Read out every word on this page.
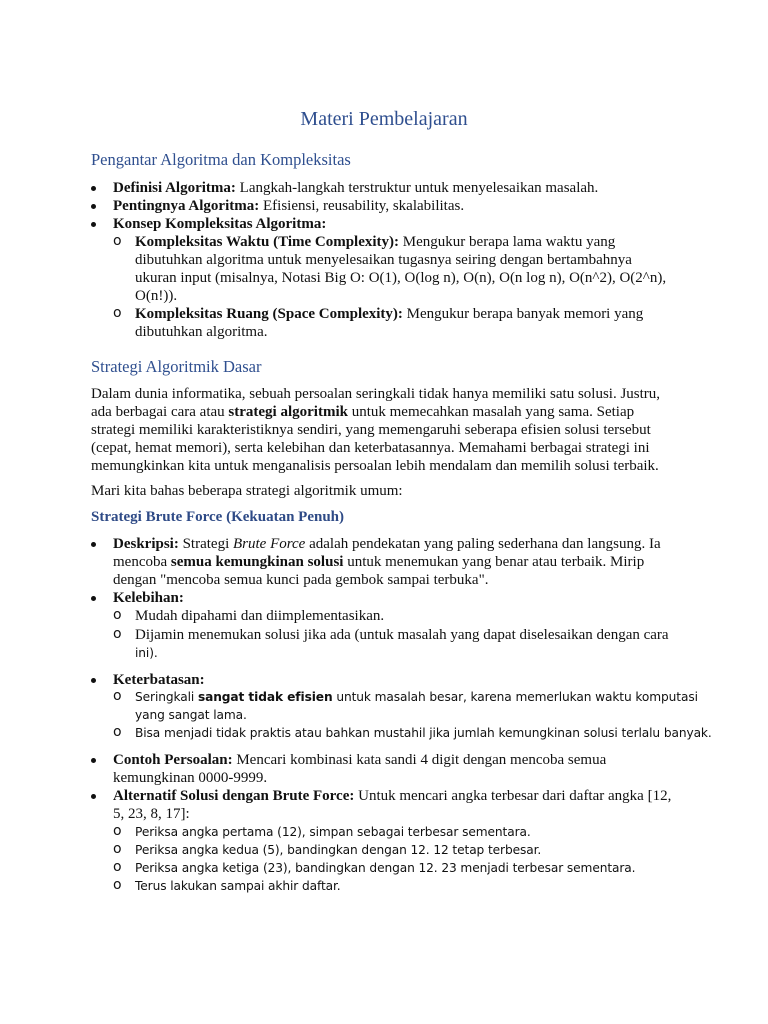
Materi Pembelajaran
Pengantar Algoritma dan Kompleksitas
Definisi Algoritma: Langkah-langkah terstruktur untuk menyelesaikan masalah.
Pentingnya Algoritma: Efisiensi, reusability, skalabilitas.
Konsep Kompleksitas Algoritma:
o Kompleksitas Waktu (Time Complexity): Mengukur berapa lama waktu yang
dibutuhkan algoritma untuk menyelesaikan tugasnya seiring dengan bertambahnya
ukuran input (misalnya, Notasi Big O: O(1), O(log n), O(n), O(n log n), O(n^2), O(2^n),
O(n!)).
o Kompleksitas Ruang (Space Complexity): Mengukur berapa banyak memori yang
dibutuhkan algoritma.
Strategi Algoritmik Dasar
Dalam dunia informatika, sebuah persoalan seringkali tidak hanya memiliki satu solusi. Justru,
ada berbagai cara atau strategi algoritmik untuk memecahkan masalah yang sama. Setiap
strategi memiliki karakteristiknya sendiri, yang memengaruhi seberapa efisien solusi tersebut
(cepat, hemat memori), serta kelebihan dan keterbatasannya. Memahami berbagai strategi ini
memungkinkan kita untuk menganalisis persoalan lebih mendalam dan memilih solusi terbaik.
Mari kita bahas beberapa strategi algoritmik umum:
Strategi Brute Force (Kekuatan Penuh)
Deskripsi: Strategi Brute Force adalah pendekatan yang paling sederhana dan langsung. Ia
mencoba semua kemungkinan solusi untuk menemukan yang benar atau terbaik. Mirip
dengan "mencoba semua kunci pada gembok sampai terbuka".
Kelebihan:
o Mudah dipahami dan diimplementasikan.
o Dijamin menemukan solusi jika ada (untuk masalah yang dapat diselesaikan dengan cara
ini).
Keterbatasan:
o Seringkali sangat tidak efisien untuk masalah besar, karena memerlukan waktu komputasi
yang sangat lama.
o Bisa menjadi tidak praktis atau bahkan mustahil jika jumlah kemungkinan solusi terlalu banyak.
Contoh Persoalan: Mencari kombinasi kata sandi 4 digit dengan mencoba semua
kemungkinan 0000-9999.
Alternatif Solusi dengan Brute Force: Untuk mencari angka terbesar dari daftar angka [12,
5, 23, 8, 17]:
o Periksa angka pertama (12), simpan sebagai terbesar sementara.
o Periksa angka kedua (5), bandingkan dengan 12. 12 tetap terbesar.
o Periksa angka ketiga (23), bandingkan dengan 12. 23 menjadi terbesar sementara.
o Terus lakukan sampai akhir daftar.
